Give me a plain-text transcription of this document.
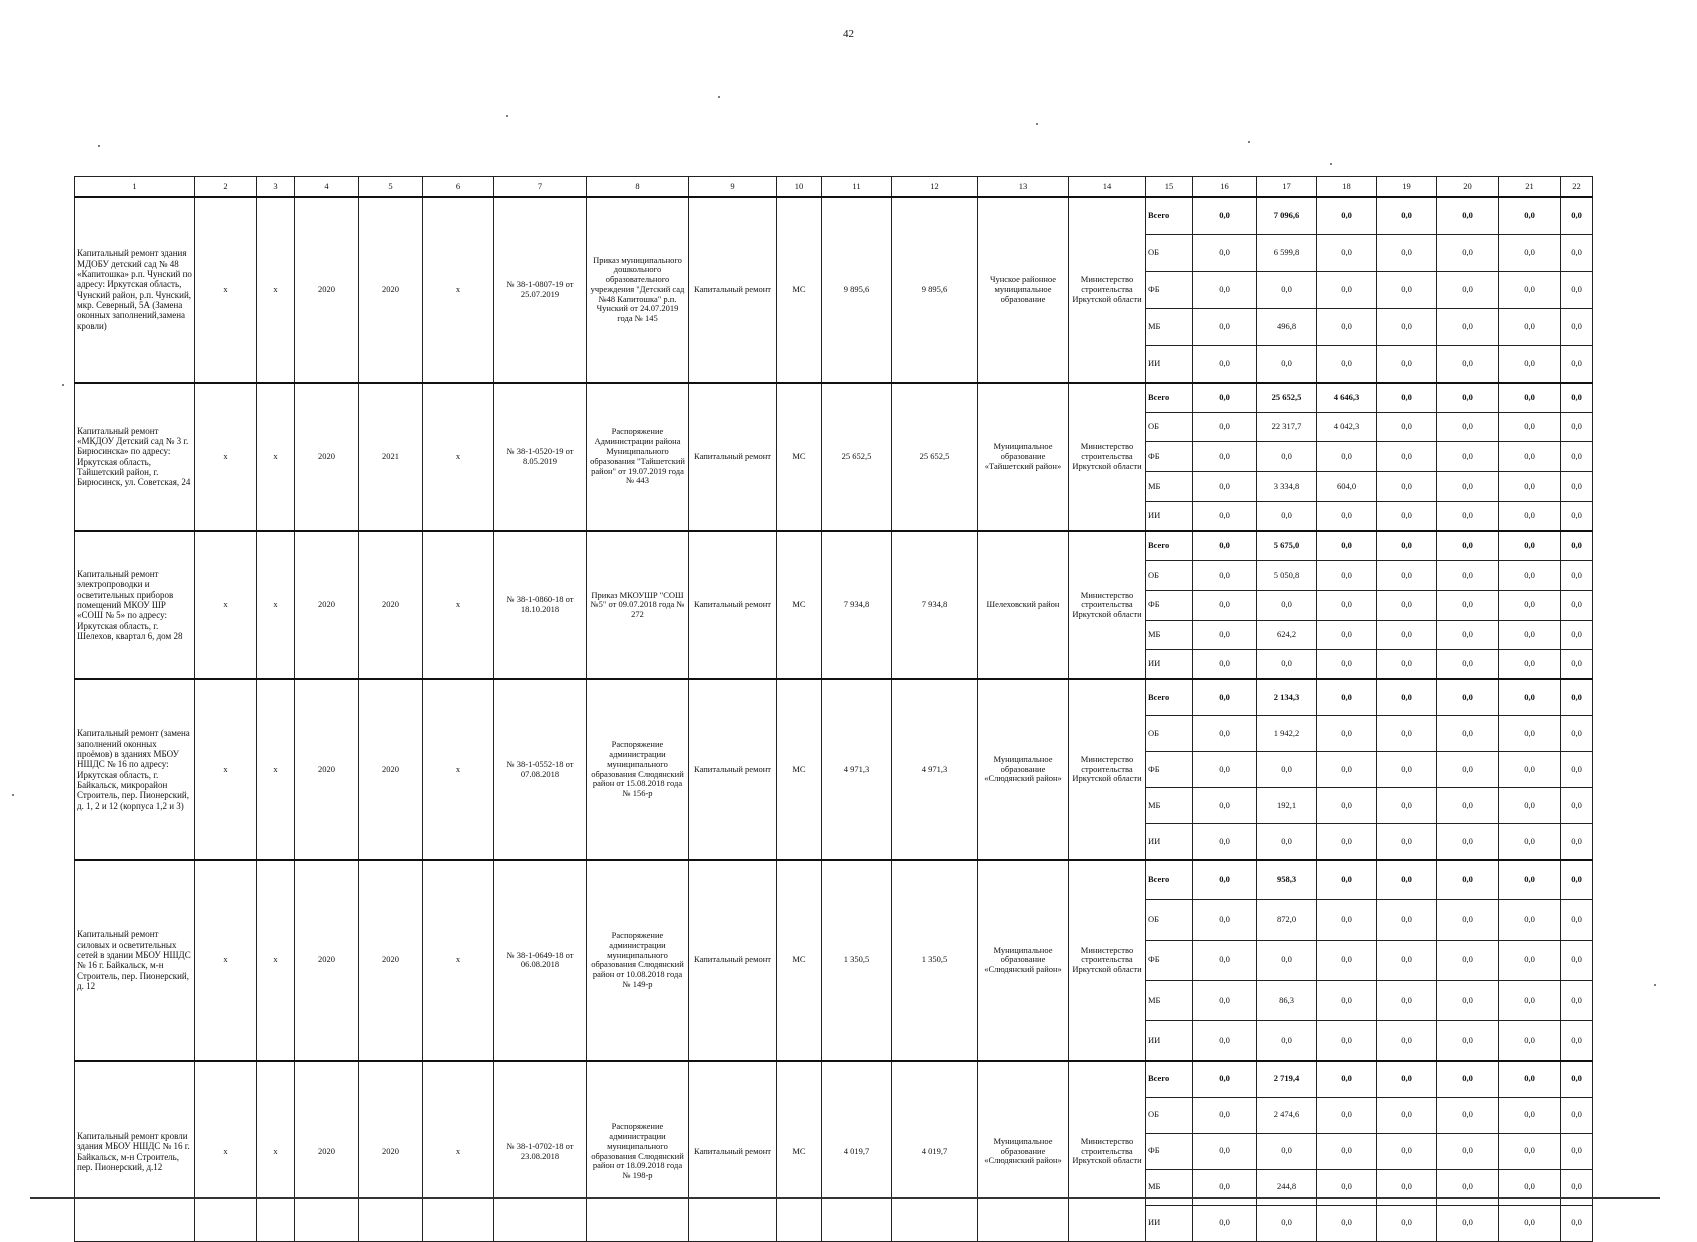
42
1	2	3	4	5	6	7	8	9	10	11	12	13	14	15	16	17	18	19	20	21	22
Капитальный ремонт здания МДОБУ детский сад № 48 «Капитошка» р.п. Чунский по адресу: Иркутская область, Чунский район, р.п. Чунский, мкр. Северный, 5А (Замена оконных заполнений,замена кровли)	х	х	2020	2020	х	№ 38-1-0807-19 от 25.07.2019	Приказ муниципального дошкольного образовательного учреждения "Детский сад №48 Капитошка" р.п. Чунский от 24.07.2019 года № 145	Капитальный ремонт	МС	9 895,6	9 895,6	Чунское районное муниципальное образование	Министерство строительства Иркутской области	Всего	0,0	7 096,6	0,0	0,0	0,0	0,0	0,0
														ОБ	0,0	6 599,8	0,0	0,0	0,0	0,0	0,0
														ФБ	0,0	0,0	0,0	0,0	0,0	0,0	0,0
														МБ	0,0	496,8	0,0	0,0	0,0	0,0	0,0
														ИИ	0,0	0,0	0,0	0,0	0,0	0,0	0,0
Капитальный ремонт «МКДОУ Детский сад № 3 г. Бирюсинска» по адресу: Иркутская область, Тайшетский район, г. Бирюсинск, ул. Советская, 24	х	х	2020	2021	х	№ 38-1-0520-19 от 8.05.2019	Распоряжение Администрации района Муниципального образования "Тайшетский район" от 19.07.2019 года № 443	Капитальный ремонт	МС	25 652,5	25 652,5	Муниципальное образование «Тайшетский район»	Министерство строительства Иркутской области	Всего	0,0	25 652,5	4 646,3	0,0	0,0	0,0	0,0
														ОБ	0,0	22 317,7	4 042,3	0,0	0,0	0,0	0,0
														ФБ	0,0	0,0	0,0	0,0	0,0	0,0	0,0
														МБ	0,0	3 334,8	604,0	0,0	0,0	0,0	0,0
														ИИ	0,0	0,0	0,0	0,0	0,0	0,0	0,0
Капитальный ремонт электропроводки и осветительных приборов помещений МКОУ ШР «СОШ № 5» по адресу: Иркутская область, г. Шелехов, квартал 6, дом 28	х	х	2020	2020	х	№ 38-1-0860-18 от 18.10.2018	Приказ МКОУШР "СОШ №5" от 09.07.2018 года № 272	Капитальный ремонт	МС	7 934,8	7 934,8	Шелеховский район	Министерство строительства Иркутской области	Всего	0,0	5 675,0	0,0	0,0	0,0	0,0	0,0
														ОБ	0,0	5 050,8	0,0	0,0	0,0	0,0	0,0
														ФБ	0,0	0,0	0,0	0,0	0,0	0,0	0,0
														МБ	0,0	624,2	0,0	0,0	0,0	0,0	0,0
														ИИ	0,0	0,0	0,0	0,0	0,0	0,0	0,0
Капитальный ремонт (замена заполнений оконных проёмов) в зданиях МБОУ НШДС № 16 по адресу: Иркутская область, г. Байкальск, микрорайон Строитель, пер. Пионерский, д. 1, 2 и 12 (корпуса 1,2 и 3)	х	х	2020	2020	х	№ 38-1-0552-18 от 07.08.2018	Распоряжение администрации муниципального образования Слюдянский район от 15.08.2018 года № 156-р	Капитальный ремонт	МС	4 971,3	4 971,3	Муниципальное образование «Слюдянский район»	Министерство строительства Иркутской области	Всего	0,0	2 134,3	0,0	0,0	0,0	0,0	0,0
														ОБ	0,0	1 942,2	0,0	0,0	0,0	0,0	0,0
														ФБ	0,0	0,0	0,0	0,0	0,0	0,0	0,0
														МБ	0,0	192,1	0,0	0,0	0,0	0,0	0,0
														ИИ	0,0	0,0	0,0	0,0	0,0	0,0	0,0
Капитальный ремонт силовых и осветительных сетей в здании МБОУ НШДС № 16 г. Байкальск, м-н Строитель, пер. Пионерский, д. 12	х	х	2020	2020	х	№ 38-1-0649-18 от 06.08.2018	Распоряжение администрации муниципального образования Слюдянский район от 10.08.2018 года № 149-р	Капитальный ремонт	МС	1 350,5	1 350,5	Муниципальное образование «Слюдянский район»	Министерство строительства Иркутской области	Всего	0,0	958,3	0,0	0,0	0,0	0,0	0,0
														ОБ	0,0	872,0	0,0	0,0	0,0	0,0	0,0
														ФБ	0,0	0,0	0,0	0,0	0,0	0,0	0,0
														МБ	0,0	86,3	0,0	0,0	0,0	0,0	0,0
														ИИ	0,0	0,0	0,0	0,0	0,0	0,0	0,0
Капитальный ремонт кровли здания МБОУ НШДС № 16 г. Байкальск, м-н Строитель, пер. Пионерский, д.12	х	х	2020	2020	х	№ 38-1-0702-18 от 23.08.2018	Распоряжение администрации муниципального образования Слюдянский район от 18.09.2018 года № 198-р	Капитальный ремонт	МС	4 019,7	4 019,7	Муниципальное образование «Слюдянский район»	Министерство строительства Иркутской области	Всего	0,0	2 719,4	0,0	0,0	0,0	0,0	0,0
														ОБ	0,0	2 474,6	0,0	0,0	0,0	0,0	0,0
														ФБ	0,0	0,0	0,0	0,0	0,0	0,0	0,0
														МБ	0,0	244,8	0,0	0,0	0,0	0,0	0,0
														ИИ	0,0	0,0	0,0	0,0	0,0	0,0	0,0
